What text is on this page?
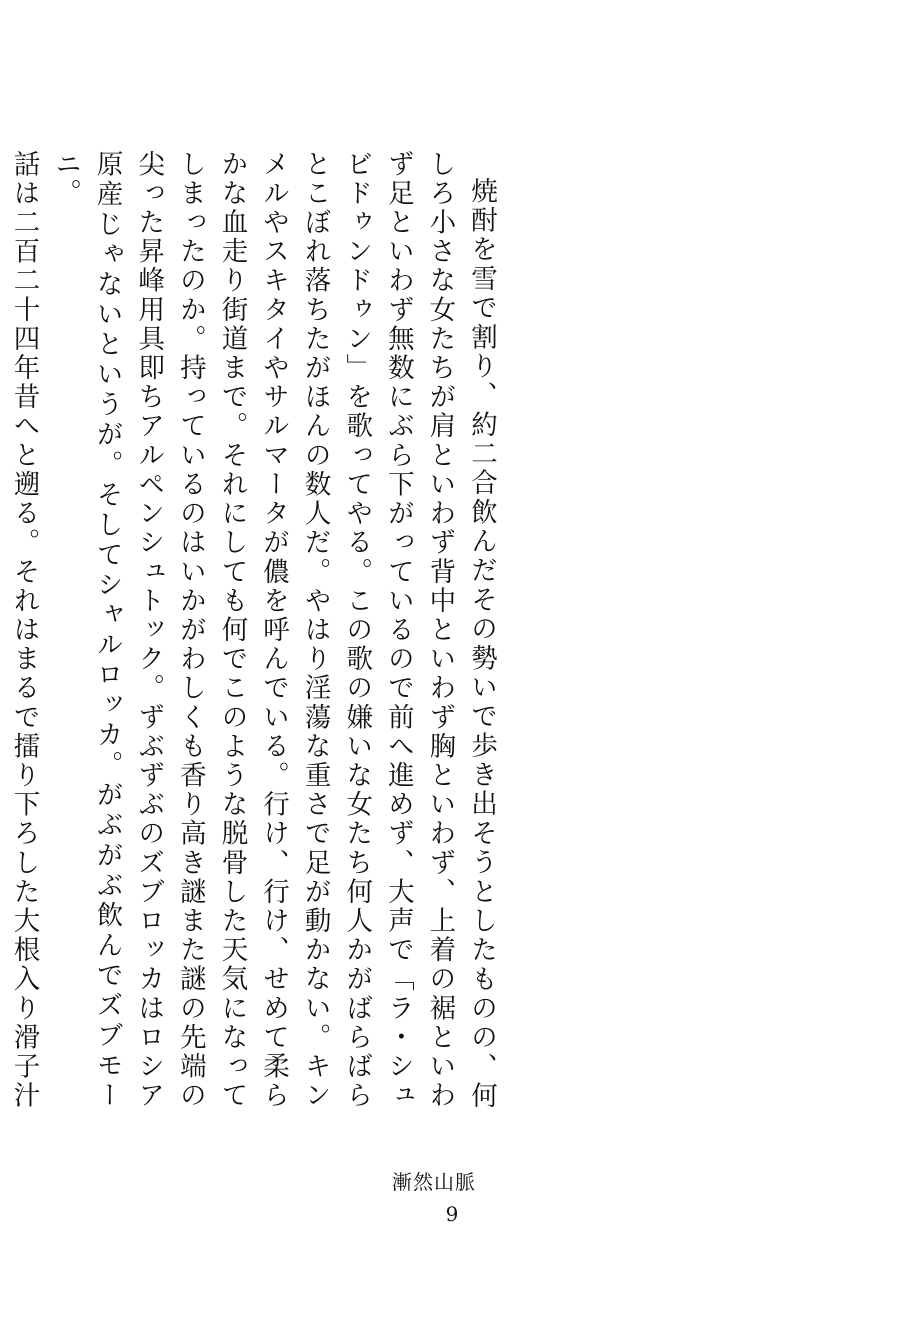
焼酎を雪で割り、約二合飲んだその勢いで歩き出そうとしたものの、何しろ小さな女たちが肩といわず背中といわず胸といわず、上着の裾といわず足といわず無数にぶら下がっているので前へ進めず、大声で「ラ・シュビドゥンドゥン」を歌ってやる。この歌の嫌いな女たち何人かがばらばらとこぼれ落ちたがほんの数人だ。やはり淫蕩な重さで足が動かない。キンメルやスキタイやサルマータが儂を呼んでいる。行け、行け、せめて柔らかな血走り街道まで。それにしても何でこのような脱骨した天気になってしまったのか。持っているのはいかがわしくも香り高き謎また謎の先端の尖った昇峰用具即ちアルペンシュトック。ずぶずぶのズブロッカはロシア原産じゃないというが。そしてシャルロッカ。がぶがぶ飲んでズブモーニ。

話は二百二十四年昔へと遡る。それはまるで擂り下ろした大根入り滑子汁

漸然山脈
9
